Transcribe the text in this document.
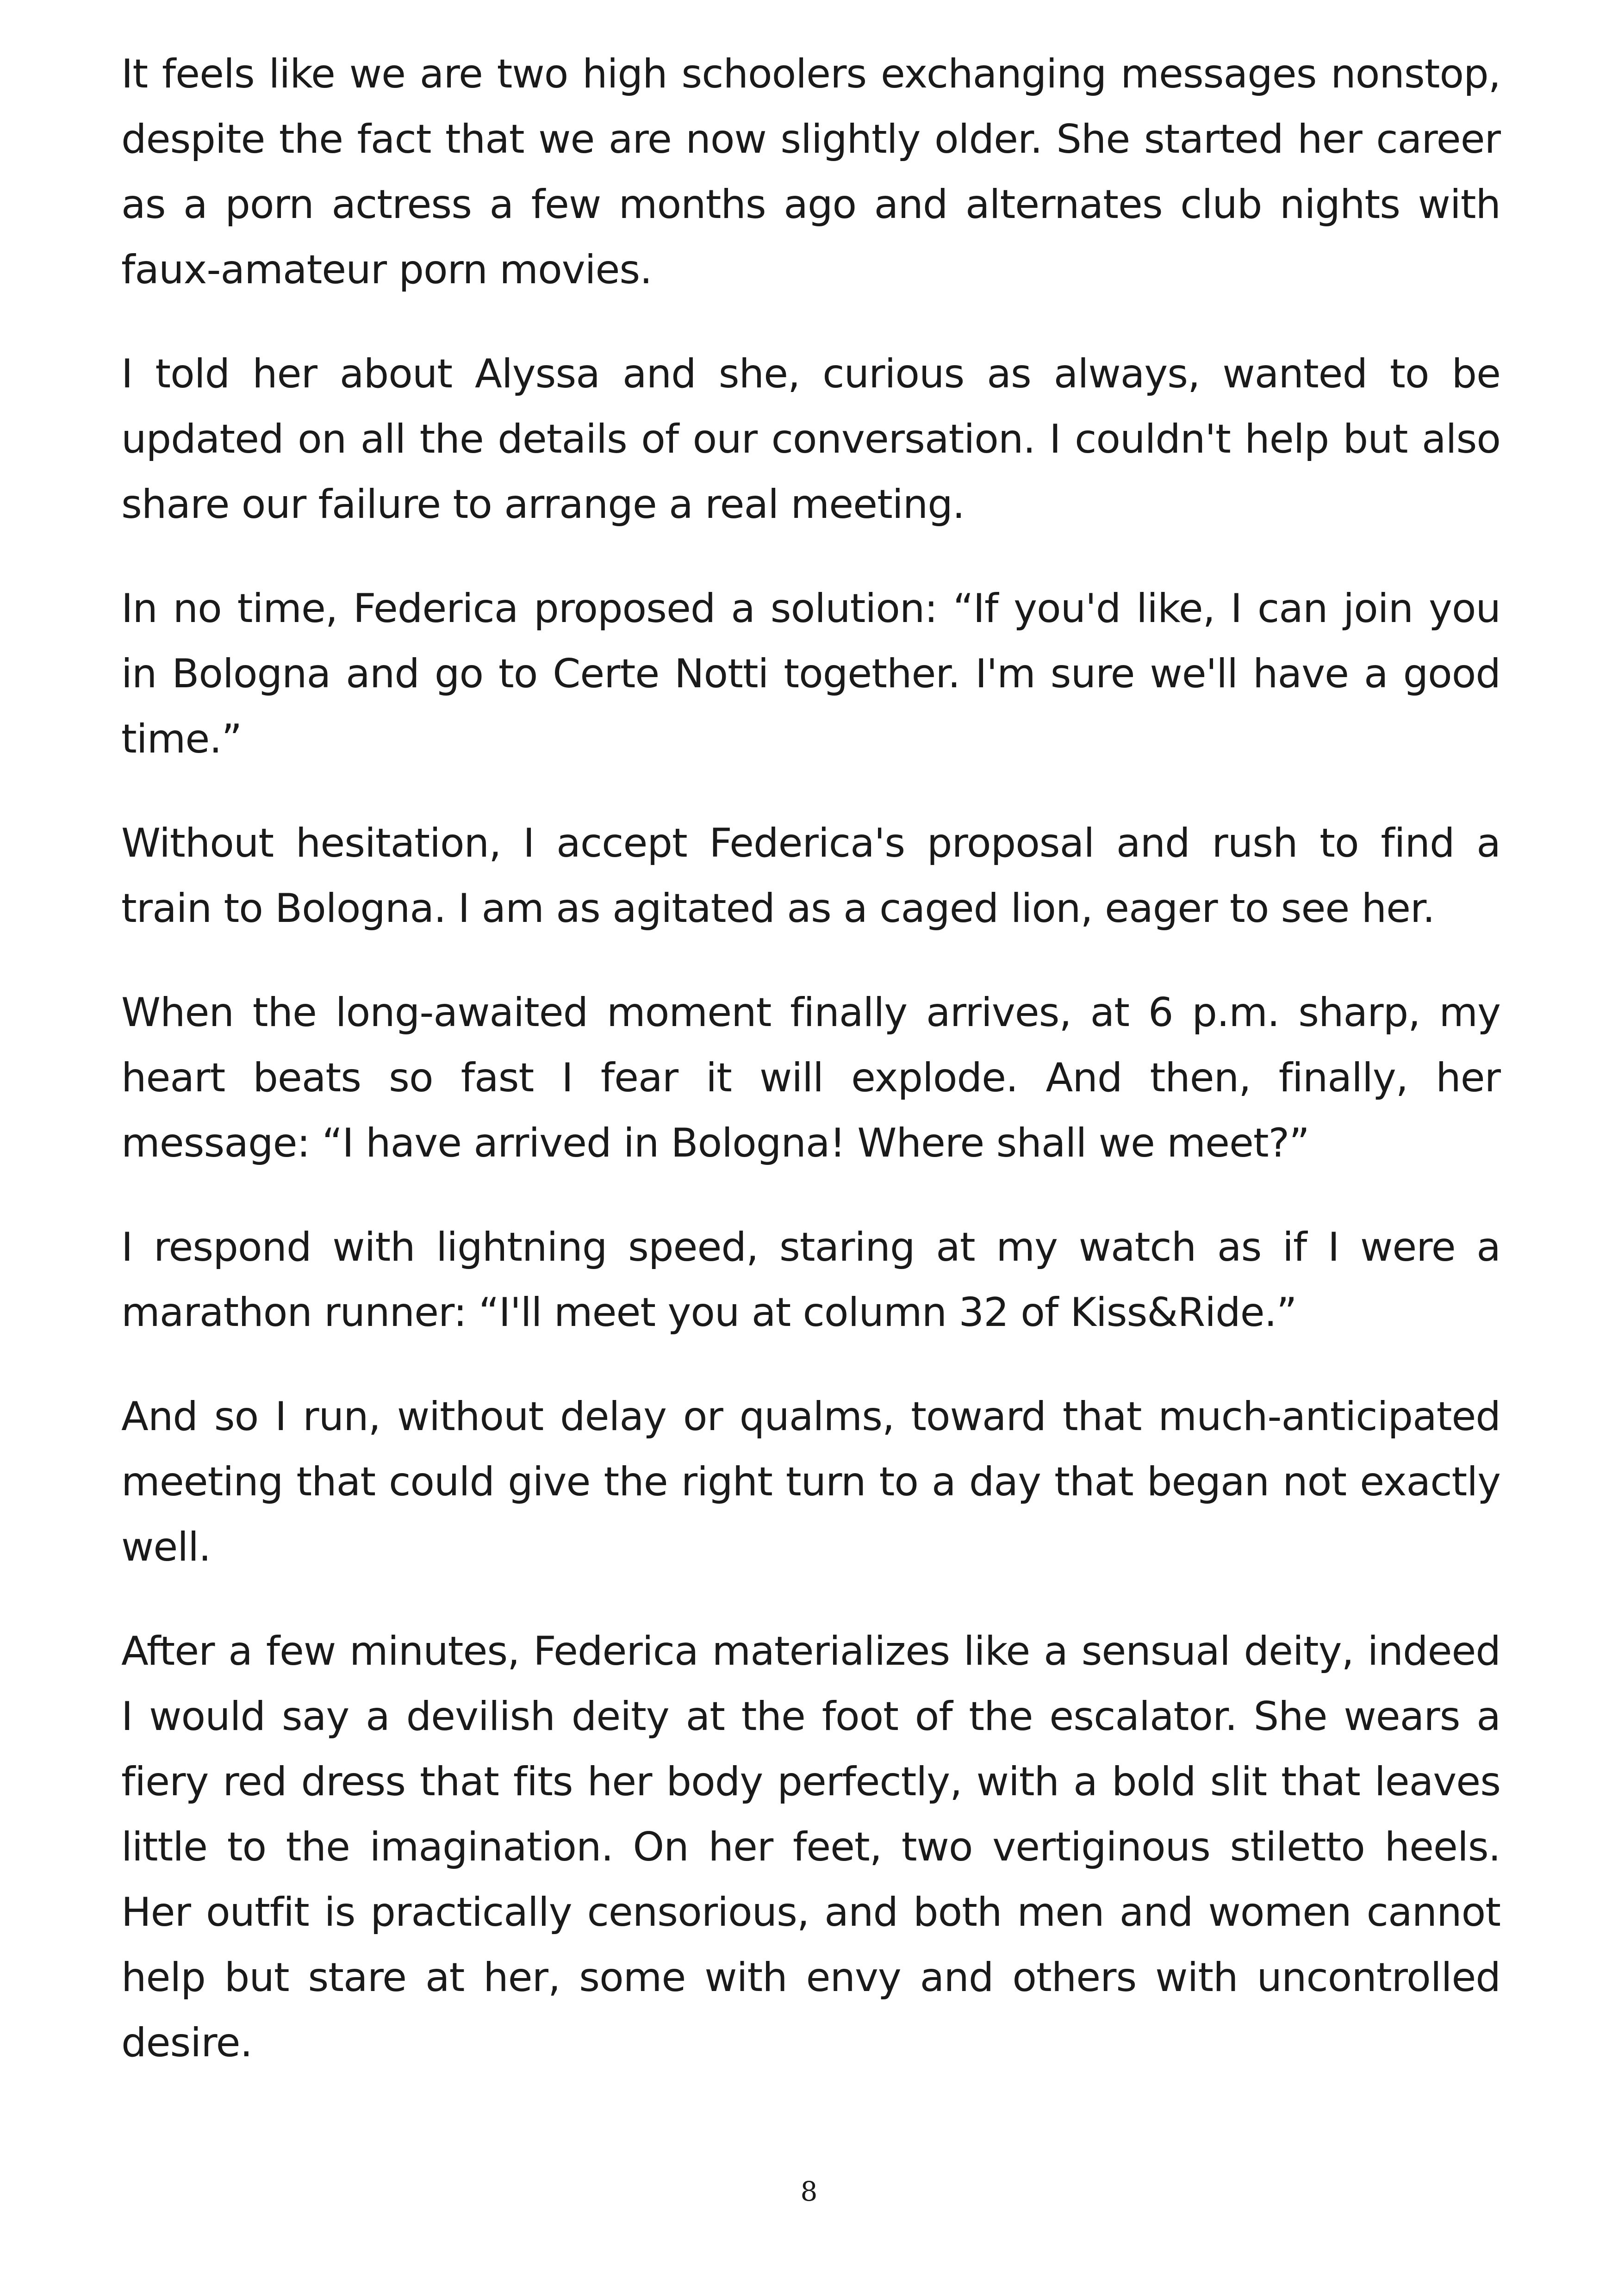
It feels like we are two high schoolers exchanging messages nonstop, despite the fact that we are now slightly older. She started her career as a porn actress a few months ago and alternates club nights with faux-amateur porn movies.

I told her about Alyssa and she, curious as always, wanted to be updated on all the details of our conversation. I couldn't help but also share our failure to arrange a real meeting.

In no time, Federica proposed a solution: “If you'd like, I can join you in Bologna and go to Certe Notti together. I'm sure we'll have a good time.”

Without hesitation, I accept Federica's proposal and rush to find a train to Bologna. I am as agitated as a caged lion, eager to see her.

When the long-awaited moment finally arrives, at 6 p.m. sharp, my heart beats so fast I fear it will explode. And then, finally, her message: “I have arrived in Bologna! Where shall we meet?”

I respond with lightning speed, staring at my watch as if I were a marathon runner: “I'll meet you at column 32 of Kiss&Ride.”

And so I run, without delay or qualms, toward that much-anticipated meeting that could give the right turn to a day that began not exactly well.

After a few minutes, Federica materializes like a sensual deity, indeed I would say a devilish deity at the foot of the escalator. She wears a fiery red dress that fits her body perfectly, with a bold slit that leaves little to the imagination. On her feet, two vertiginous stiletto heels. Her outfit is practically censorious, and both men and women cannot help but stare at her, some with envy and others with uncontrolled desire.

8
